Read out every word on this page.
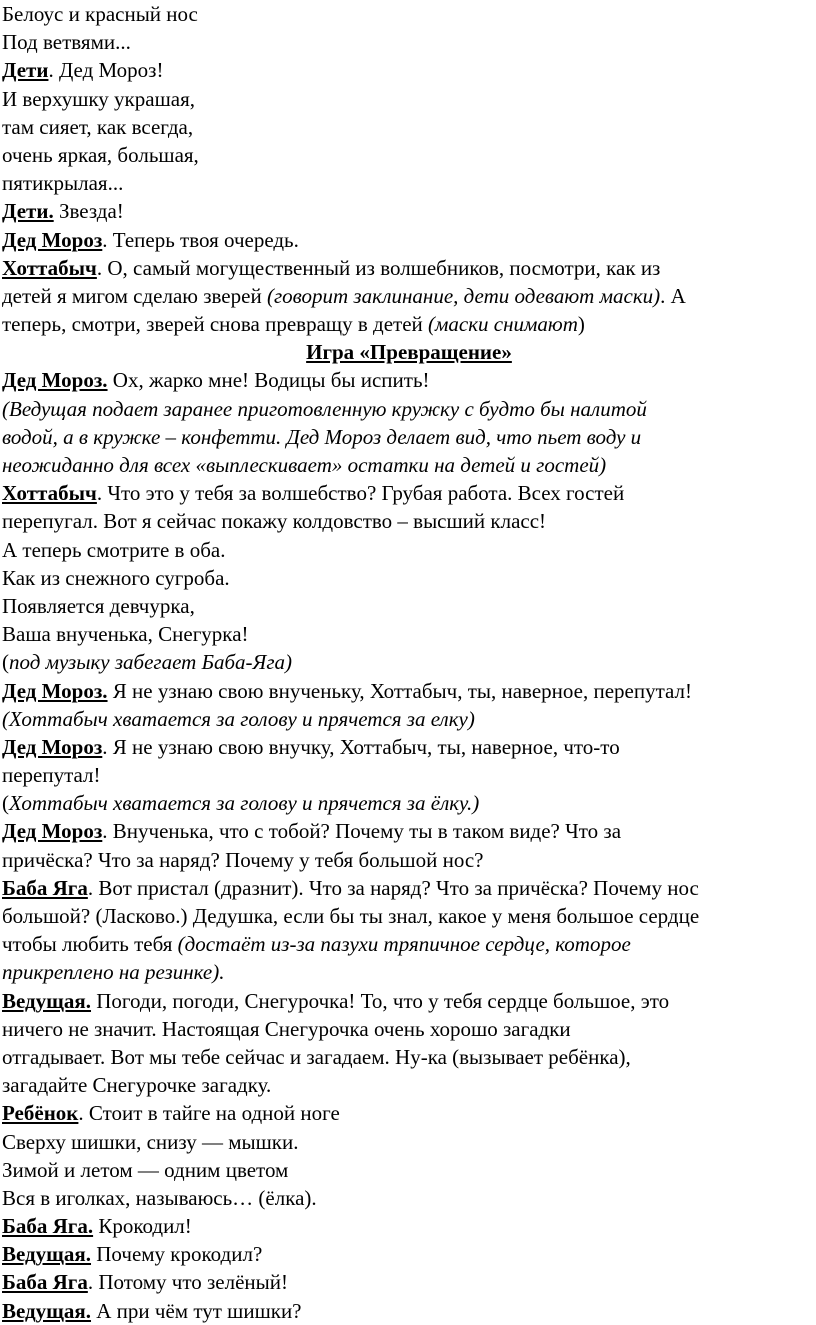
Белоус и красный нос
Под ветвями...
Дети. Дед Мороз!
И верхушку украшая,
там сияет, как всегда,
очень яркая, большая,
пятикрылая...
Дети. Звезда!
Дед Мороз. Теперь твоя очередь.
Хоттабыч. О, самый могущественный из волшебников, посмотри, как из
детей я мигом сделаю зверей (говорит заклинание, дети одевают маски). А
теперь, смотри, зверей снова превращу в детей (маски снимают)
Игра «Превращение»
Дед Мороз. Ох, жарко мне! Водицы бы испить!
(Ведущая подает заранее приготовленную кружку с будто бы налитой
водой, а в кружке – конфетти. Дед Мороз делает вид, что пьет воду и
неожиданно для всех «выплескивает» остатки на детей и гостей)
Хоттабыч. Что это у тебя за волшебство? Грубая работа. Всех гостей
перепугал. Вот я сейчас покажу колдовство – высший класс!
А теперь смотрите в оба.
Как из снежного сугроба.
Появляется девчурка,
Ваша внученька, Снегурка!
(под музыку забегает Баба-Яга)
Дед Мороз. Я не узнаю свою внученьку, Хоттабыч, ты, наверное, перепутал!
(Хоттабыч хватается за голову и прячется за елку)
Дед Мороз. Я не узнаю свою внучку, Хоттабыч, ты, наверное, что-то
перепутал!
(Хоттабыч хватается за голову и прячется за ёлку.)
Дед Мороз. Внученька, что с тобой? Почему ты в таком виде? Что за
причёска? Что за наряд? Почему у тебя большой нос?
Баба Яга. Вот пристал (дразнит). Что за наряд? Что за причёска? Почему нос
большой? (Ласково.) Дедушка, если бы ты знал, какое у меня большое сердце
чтобы любить тебя (достаёт из-за пазухи тряпичное сердце, которое
прикреплено на резинке).
Ведущая. Погоди, погоди, Снегурочка! То, что у тебя сердце большое, это
ничего не значит. Настоящая Снегурочка очень хорошо загадки
отгадывает. Вот мы тебе сейчас и загадаем. Ну-ка (вызывает ребёнка),
загадайте Снегурочке загадку.
Ребёнок. Стоит в тайге на одной ноге
Сверху шишки, снизу — мышки.
Зимой и летом — одним цветом
Вся в иголках, называюсь… (ёлка).
Баба Яга. Крокодил!
Ведущая. Почему крокодил?
Баба Яга. Потому что зелёный!
Ведущая. А при чём тут шишки?
